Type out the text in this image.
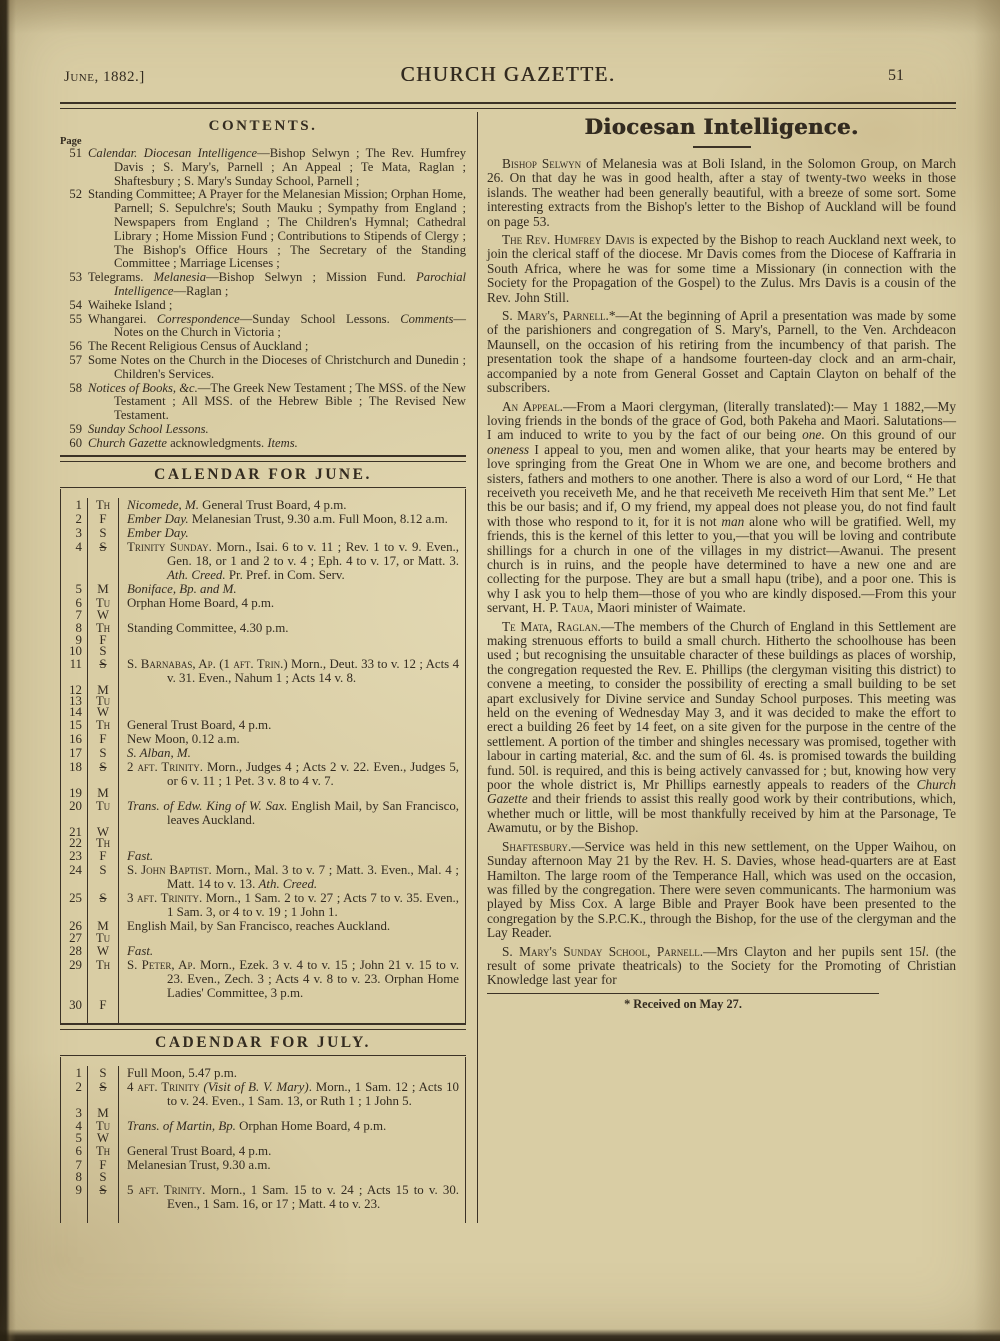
June, 1882.]	CHURCH GAZETTE.	51
CONTENTS.
Page
51 Calendar. Diocesan Intelligence—Bishop Selwyn ; The Rev. Humfrey Davis ; S. Mary's, Parnell ; An Appeal ; Te Mata, Raglan ; Shaftesbury ; S. Mary's Sunday School, Parnell ;
52 Standing Committee; A Prayer for the Melanesian Mission; Orphan Home, Parnell; S. Sepulchre's; South Mauku ; Sympathy from England ; Newspapers from England ; The Children's Hymnal; Cathedral Library ; Home Mission Fund ; Contributions to Stipends of Clergy ; The Bishop's Office Hours ; The Secretary of the Standing Committee ; Marriage Licenses ;
53 Telegrams. Melanesia—Bishop Selwyn ; Mission Fund. Parochial Intelligence—Raglan ;
54 Waiheke Island ;
55 Whangarei. Correspondence—Sunday School Lessons. Comments—Notes on the Church in Victoria ;
56 The Recent Religious Census of Auckland ;
57 Some Notes on the Church in the Dioceses of Christchurch and Dunedin ; Children's Services.
58 Notices of Books, &c.—The Greek New Testament ; The MSS. of the New Testament ; All MSS. of the Hebrew Bible ; The Revised New Testament.
59 Sunday School Lessons.
60 Church Gazette acknowledgments. Items.
CALENDAR FOR JUNE.
1	Th	Nicomede, M. General Trust Board, 4 p.m.
2	F	Ember Day. Melanesian Trust, 9.30 a.m. Full Moon, 8.12 a.m.
3	S	Ember Day.
4	S	Trinity Sunday. Morn., Isai. 6 to v. 11 ; Rev. 1 to v. 9. Even., Gen. 18, or 1 and 2 to v. 4 ; Eph. 4 to v. 17, or Matt. 3. Ath. Creed. Pr. Pref. in Com. Serv.
5	M	Boniface, Bp. and M.
6	Tu	Orphan Home Board, 4 p.m.
7	W
8	Th	Standing Committee, 4.30 p.m.
9	F
10	S
11	S	S. Barnabas, Ap. (1 aft. Trin.) Morn., Deut. 33 to v. 12 ; Acts 4 v. 31. Even., Nahum 1 ; Acts 14 v. 8.
12	M
13	Tu
14	W
15	Th	General Trust Board, 4 p.m.
16	F	New Moon, 0.12 a.m.
17	S	S. Alban, M.
18	S	2 aft. Trinity. Morn., Judges 4 ; Acts 2 v. 22. Even., Judges 5, or 6 v. 11 ; 1 Pet. 3 v. 8 to 4 v. 7.
19	M
20	Tu	Trans. of Edw. King of W. Sax. English Mail, by San Francisco, leaves Auckland.
21	W
22	Th
23	F	Fast.
24	S	S. John Baptist. Morn., Mal. 3 to v. 7 ; Matt. 3. Even., Mal. 4 ; Matt. 14 to v. 13. Ath. Creed.
25	S	3 aft. Trinity. Morn., 1 Sam. 2 to v. 27 ; Acts 7 to v. 35. Even., 1 Sam. 3, or 4 to v. 19 ; 1 John 1.
26	M	English Mail, by San Francisco, reaches Auckland.
27	Tu
28	W	Fast.
29	Th	S. Peter, Ap. Morn., Ezek. 3 v. 4 to v. 15 ; John 21 v. 15 to v. 23. Even., Zech. 3 ; Acts 4 v. 8 to v. 23. Orphan Home Ladies' Committee, 3 p.m.
30	F
CADENDAR FOR JULY.
1	S	Full Moon, 5.47 p.m.
2	S	4 aft. Trinity (Visit of B. V. Mary). Morn., 1 Sam. 12 ; Acts 10 to v. 24. Even., 1 Sam. 13, or Ruth 1 ; 1 John 5.
3	M
4	Tu	Trans. of Martin, Bp. Orphan Home Board, 4 p.m.
5	W
6	Th	General Trust Board, 4 p.m.
7	F	Melanesian Trust, 9.30 a.m.
8	S
9	S	5 aft. Trinity. Morn., 1 Sam. 15 to v. 24 ; Acts 15 to v. 30. Even., 1 Sam. 16, or 17 ; Matt. 4 to v. 23.
Diocesan Intelligence.

Bishop Selwyn of Melanesia was at Boli Island, in the Solomon Group, on March 26. On that day he was in good health, after a stay of twenty-two weeks in those islands. The weather had been generally beautiful, with a breeze of some sort. Some interesting extracts from the Bishop's letter to the Bishop of Auckland will be found on page 53.

The Rev. Humfrey Davis is expected by the Bishop to reach Auckland next week, to join the clerical staff of the diocese. Mr Davis comes from the Diocese of Kaffraria in South Africa, where he was for some time a Missionary (in connection with the Society for the Propagation of the Gospel) to the Zulus. Mrs Davis is a cousin of the Rev. John Still.

S. Mary's, Parnell.*—At the beginning of April a presentation was made by some of the parishioners and congregation of S. Mary's, Parnell, to the Ven. Archdeacon Maunsell, on the occasion of his retiring from the incumbency of that parish. The presentation took the shape of a handsome fourteen-day clock and an arm-chair, accompanied by a note from General Gosset and Captain Clayton on behalf of the subscribers.

An Appeal.—From a Maori clergyman, (literally translated):— May 1 1882,—My loving friends in the bonds of the grace of God, both Pakeha and Maori. Salutations—I am induced to write to you by the fact of our being one. On this ground of our oneness I appeal to you, men and women alike, that your hearts may be entered by love springing from the Great One in Whom we are one, and become brothers and sisters, fathers and mothers to one another. There is also a word of our Lord, “ He that receiveth you receiveth Me, and he that receiveth Me receiveth Him that sent Me.” Let this be our basis; and if, O my friend, my appeal does not please you, do not find fault with those who respond to it, for it is not man alone who will be gratified. Well, my friends, this is the kernel of this letter to you,—that you will be loving and contribute shillings for a church in one of the villages in my district—Awanui. The present church is in ruins, and the people have determined to have a new one and are collecting for the purpose. They are but a small hapu (tribe), and a poor one. This is why I ask you to help them—those of you who are kindly disposed.—From this your servant, H. P. Taua, Maori minister of Waimate.

Te Mata, Raglan.—The members of the Church of England in this Settlement are making strenuous efforts to build a small church. Hitherto the schoolhouse has been used ; but recognising the unsuitable character of these buildings as places of worship, the congregation requested the Rev. E. Phillips (the clergyman visiting this district) to convene a meeting, to consider the possibility of erecting a small building to be set apart exclusively for Divine service and Sunday School purposes. This meeting was held on the evening of Wednesday May 3, and it was decided to make the effort to erect a building 26 feet by 14 feet, on a site given for the purpose in the centre of the settlement. A portion of the timber and shingles necessary was promised, together with labour in carting material, &c. and the sum of 6l. 4s. is promised towards the building fund. 50l. is required, and this is being actively canvassed for ; but, knowing how very poor the whole district is, Mr Phillips earnestly appeals to readers of the Church Gazette and their friends to assist this really good work by their contributions, which, whether much or little, will be most thankfully received by him at the Parsonage, Te Awamutu, or by the Bishop.

Shaftesbury.—Service was held in this new settlement, on the Upper Waihou, on Sunday afternoon May 21 by the Rev. H. S. Davies, whose head-quarters are at East Hamilton. The large room of the Temperance Hall, which was used on the occasion, was filled by the congregation. There were seven communicants. The harmonium was played by Miss Cox. A large Bible and Prayer Book have been presented to the congregation by the S.P.C.K., through the Bishop, for the use of the clergyman and the Lay Reader.

S. Mary's Sunday School, Parnell.—Mrs Clayton and her pupils sent 15l. (the result of some private theatricals) to the Society for the Promoting of Christian Knowledge last year for

* Received on May 27.
